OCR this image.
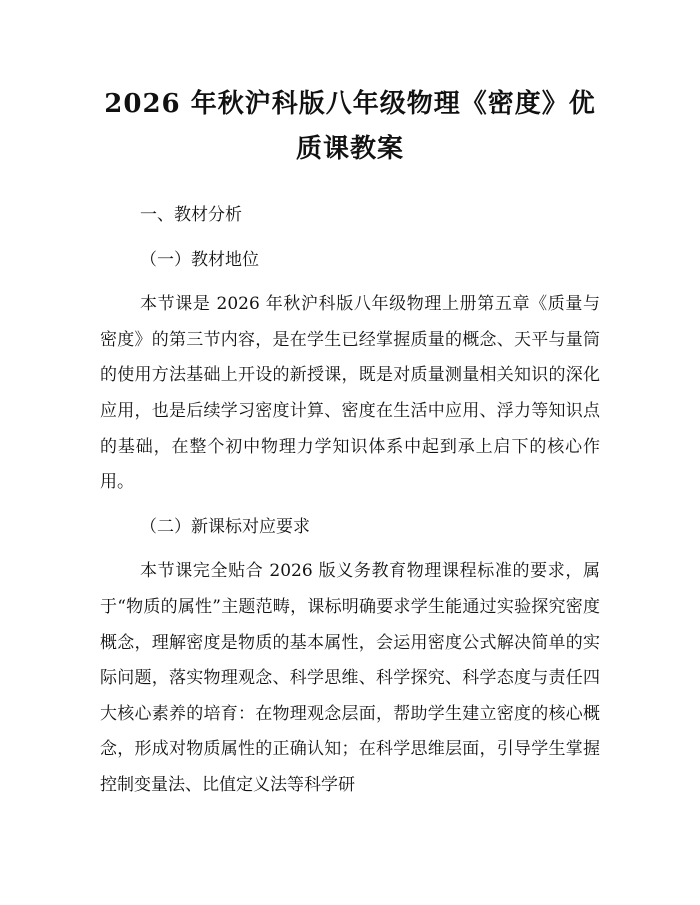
2026 年秋沪科版八年级物理《密度》优质课教案

一、教材分析

（一）教材地位

本节课是 2026 年秋沪科版八年级物理上册第五章《质量与密度》的第三节内容，是在学生已经掌握质量的概念、天平与量筒的使用方法基础上开设的新授课，既是对质量测量相关知识的深化应用，也是后续学习密度计算、密度在生活中应用、浮力等知识点的基础，在整个初中物理力学知识体系中起到承上启下的核心作用。

（二）新课标对应要求

本节课完全贴合 2026 版义务教育物理课程标准的要求，属于“物质的属性”主题范畴，课标明确要求学生能通过实验探究密度概念，理解密度是物质的基本属性，会运用密度公式解决简单的实际问题，落实物理观念、科学思维、科学探究、科学态度与责任四大核心素养的培育：在物理观念层面，帮助学生建立密度的核心概念，形成对物质属性的正确认知；在科学思维层面，引导学生掌握控制变量法、比值定义法等科学研
